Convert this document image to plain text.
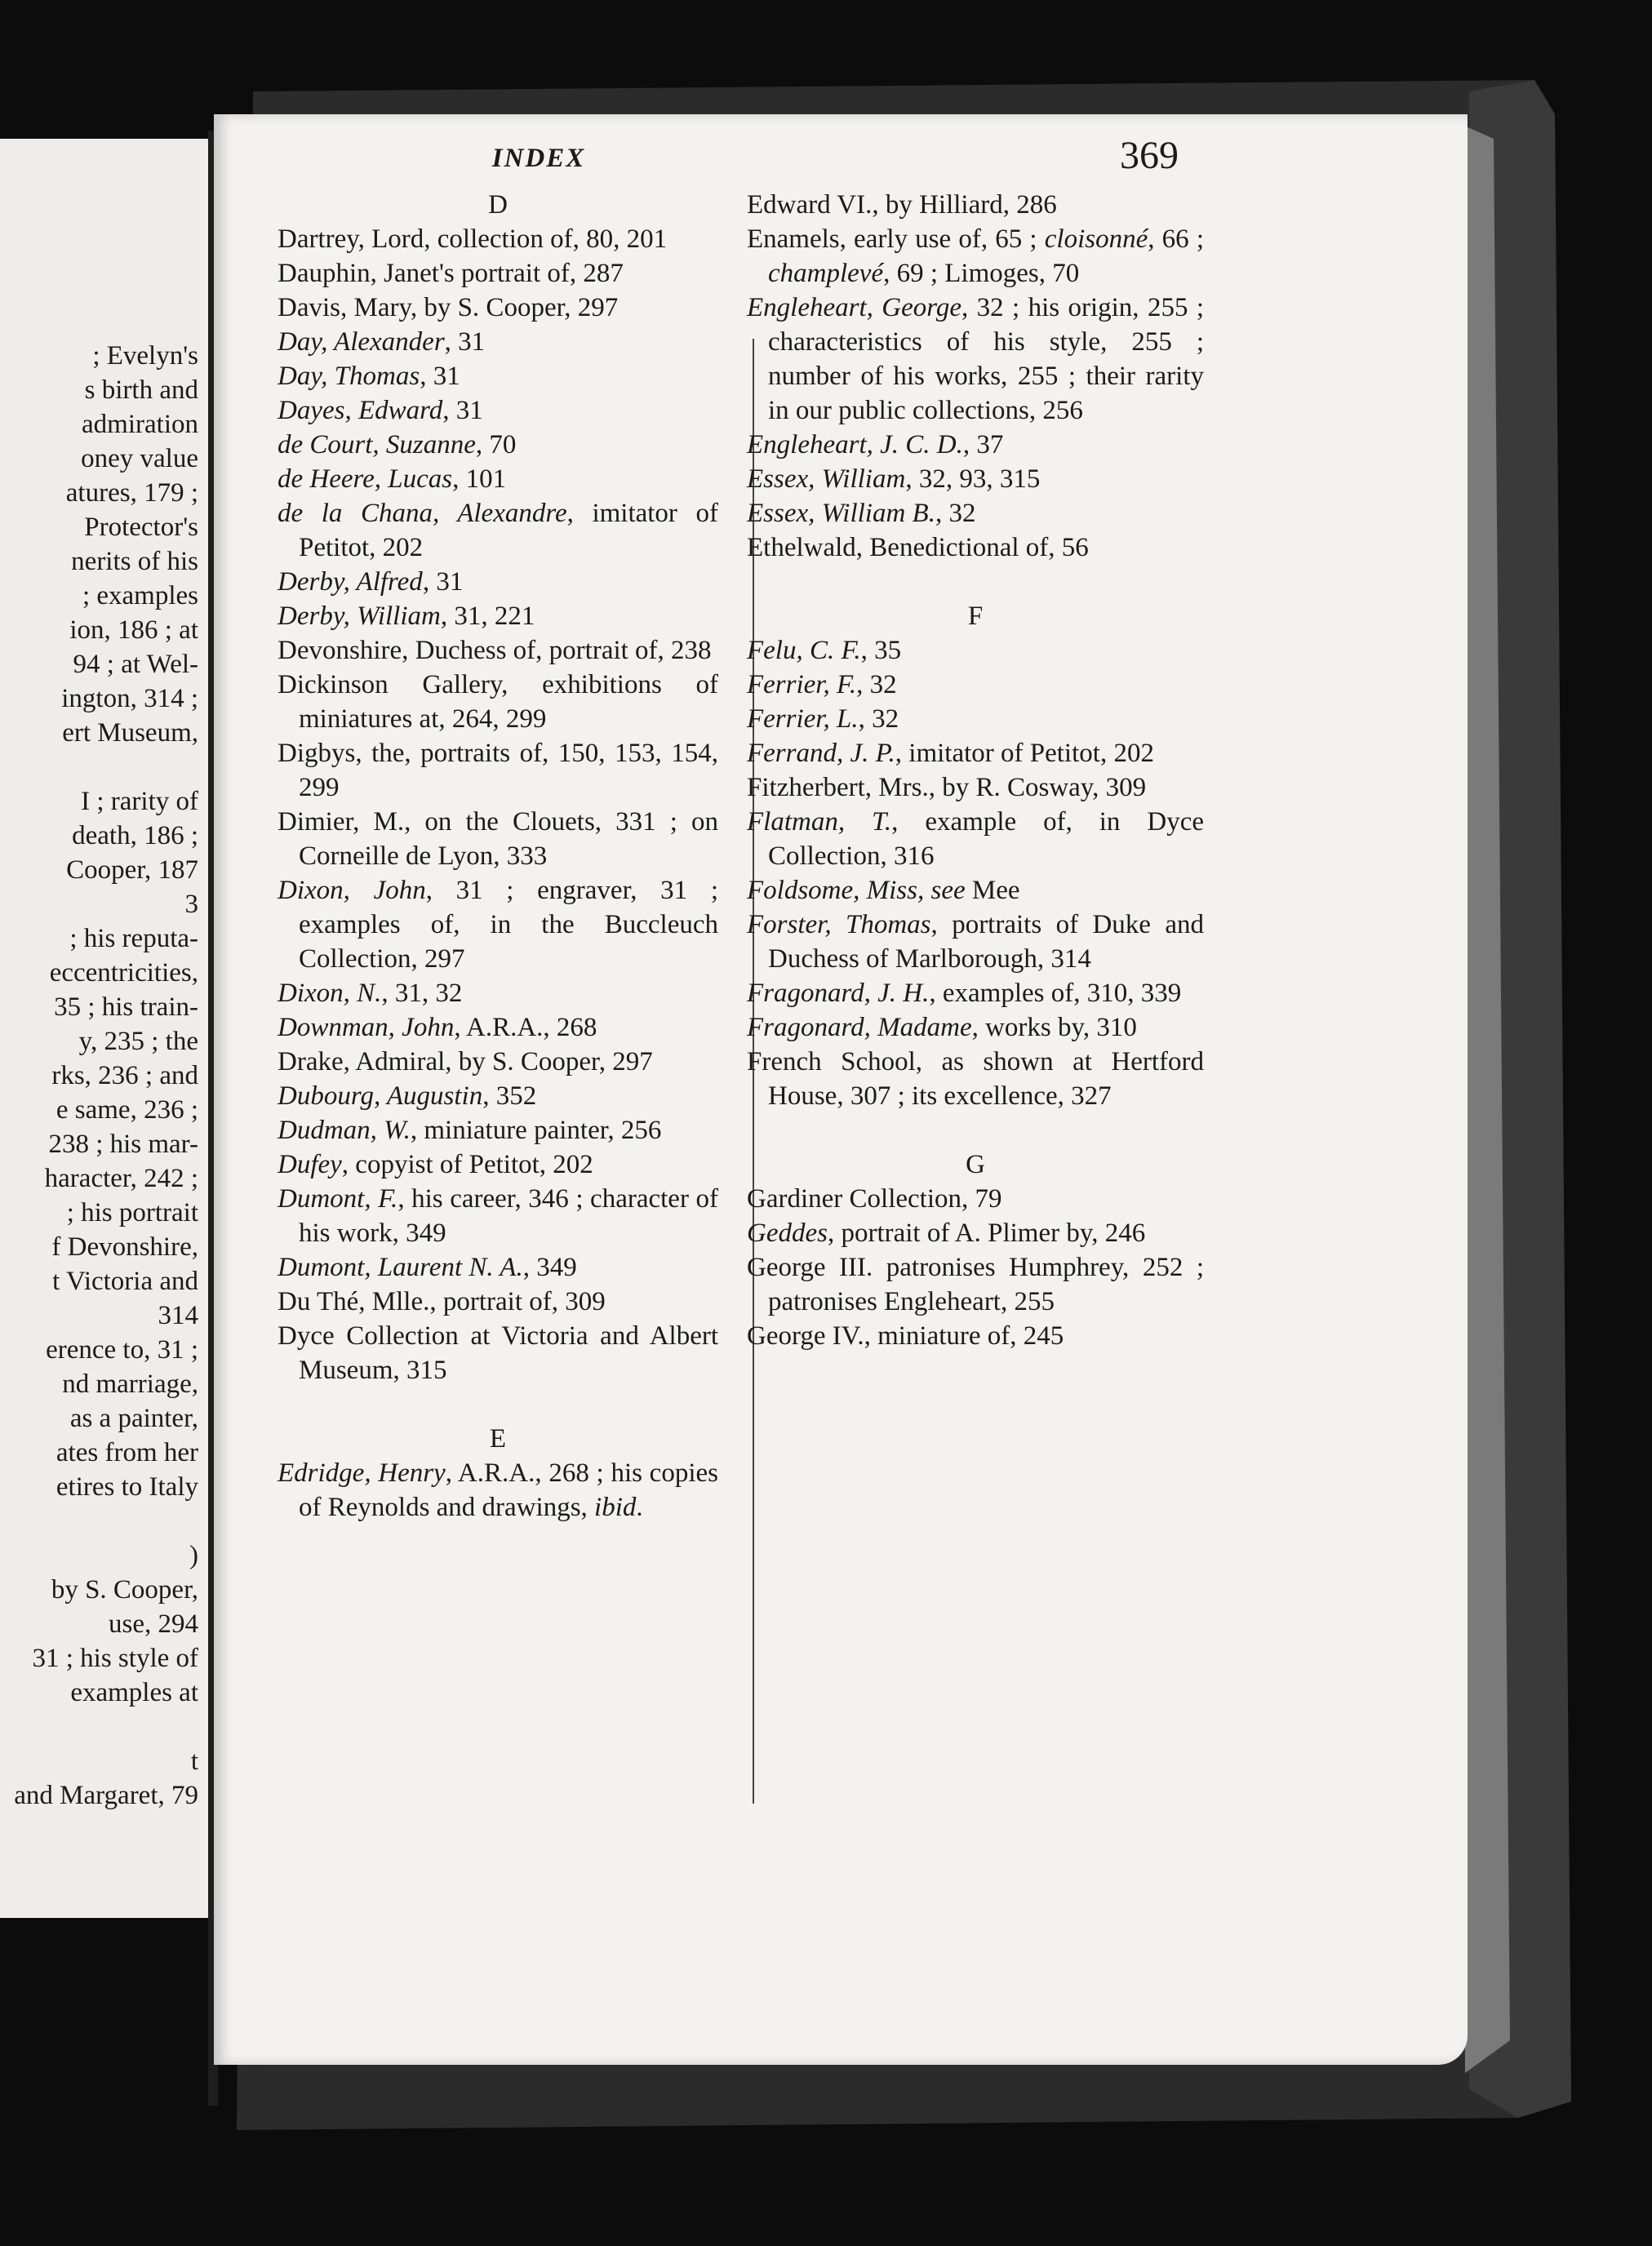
; Evelyn's
s birth and
admiration
oney value
atures, 179 ;
Protector's
nerits of his
; examples
ion, 186 ; at
94 ; at Wel-
ington, 314 ;
ert Museum,
I ; rarity of
death, 186 ;
Cooper, 187
3
; his reputa-
eccentricities,
35 ; his train-
y, 235 ; the
rks, 236 ; and
e same, 236 ;
238 ; his mar-
haracter, 242 ;
; his portrait
f Devonshire,
t Victoria and
314
erence to, 31 ;
nd marriage,
as a painter,
ates from her
etires to Italy
)
by S. Cooper,
use, 294
31 ; his style of
examples at
t
and Margaret, 79
INDEX	369
D
Dartrey, Lord, collection of, 80, 201
Dauphin, Janet's portrait of, 287
Davis, Mary, by S. Cooper, 297
Day, Alexander, 31
Day, Thomas, 31
Dayes, Edward, 31
de Court, Suzanne, 70
de Heere, Lucas, 101
de la Chana, Alexandre, imitator of Petitot, 202
Derby, Alfred, 31
Derby, William, 31, 221
Devonshire, Duchess of, portrait of, 238
Dickinson Gallery, exhibitions of miniatures at, 264, 299
Digbys, the, portraits of, 150, 153, 154, 299
Dimier, M., on the Clouets, 331 ; on Corneille de Lyon, 333
Dixon, John, 31 ; engraver, 31 ; examples of, in the Buccleuch Collection, 297
Dixon, N., 31, 32
Downman, John, A.R.A., 268
Drake, Admiral, by S. Cooper, 297
Dubourg, Augustin, 352
Dudman, W., miniature painter, 256
Dufey, copyist of Petitot, 202
Dumont, F., his career, 346 ; character of his work, 349
Dumont, Laurent N. A., 349
Du Thé, Mlle., portrait of, 309
Dyce Collection at Victoria and Albert Museum, 315
E
Edridge, Henry, A.R.A., 268 ; his copies of Reynolds and drawings, ibid.
Edward VI., by Hilliard, 286
Enamels, early use of, 65 ; cloisonné, 66 ; champlevé, 69 ; Limoges, 70
Engleheart, George, 32 ; his origin, 255 ; characteristics of his style, 255 ; number of his works, 255 ; their rarity in our public collections, 256
Engleheart, J. C. D., 37
Essex, William, 32, 93, 315
Essex, William B., 32
Ethelwald, Benedictional of, 56
F
Felu, C. F., 35
Ferrier, F., 32
Ferrier, L., 32
Ferrand, J. P., imitator of Petitot, 202
Fitzherbert, Mrs., by R. Cosway, 309
Flatman, T., example of, in Dyce Collection, 316
Foldsome, Miss, see Mee
Forster, Thomas, portraits of Duke and Duchess of Marlborough, 314
Fragonard, J. H., examples of, 310, 339
Fragonard, Madame, works by, 310
French School, as shown at Hertford House, 307 ; its excellence, 327
G
Gardiner Collection, 79
Geddes, portrait of A. Plimer by, 246
George III. patronises Humphrey, 252 ; patronises Engleheart, 255
George IV., miniature of, 245
